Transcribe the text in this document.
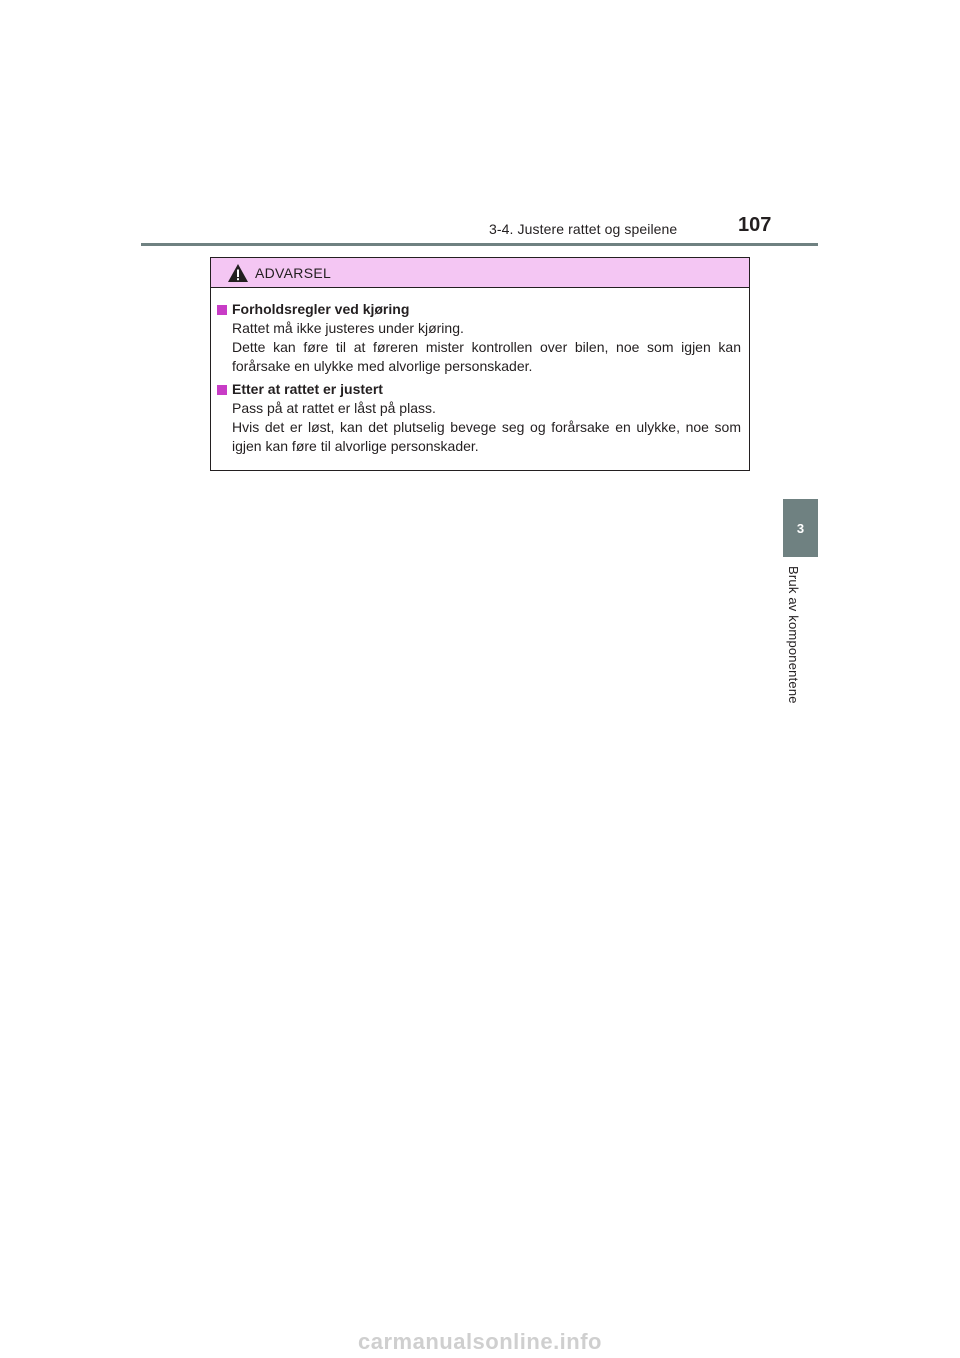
3-4. Justere rattet og speilene	107
3
Bruk av komponentene
ADVARSEL
Forholdsregler ved kjøring

Rattet må ikke justeres under kjøring.

Dette kan føre til at føreren mister kontrollen over bilen, noe som igjen kan forårsake en ulykke med alvorlige personskader.

Etter at rattet er justert

Pass på at rattet er låst på plass.

Hvis det er løst, kan det plutselig bevege seg og forårsake en ulykke, noe som igjen kan føre til alvorlige personskader.

carmanualsonline.info
